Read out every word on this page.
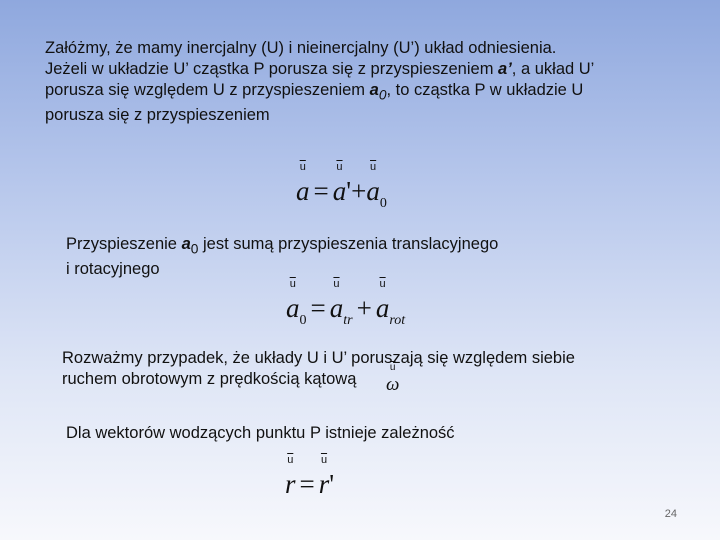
Załóżmy, że mamy inercjalny (U) i nieinercjalny (U’) układ odniesienia.
Jeżeli w układzie U’ cząstka P porusza się z przyspieszeniem a’, a układ U’
porusza się względem U z przyspieszeniem $a_0$, to cząstka P w układzie U
porusza się z przyspieszeniem

u a = u a'+u $a_0$

Przyspieszenie $a_0$ jest sumą przyspieszenia translacyjnego
i rotacyjnego

u $a_0 = u$ $a_{tr} + u$ $a_{rot}$

Rozważmy przypadek, że układy U i U’ poruszają się względem siebie
ruchem obrotowym z prędkością kątową	u ω

Dla wektorów wodzących punktu P istnieje zależność

u r = u r'
24
